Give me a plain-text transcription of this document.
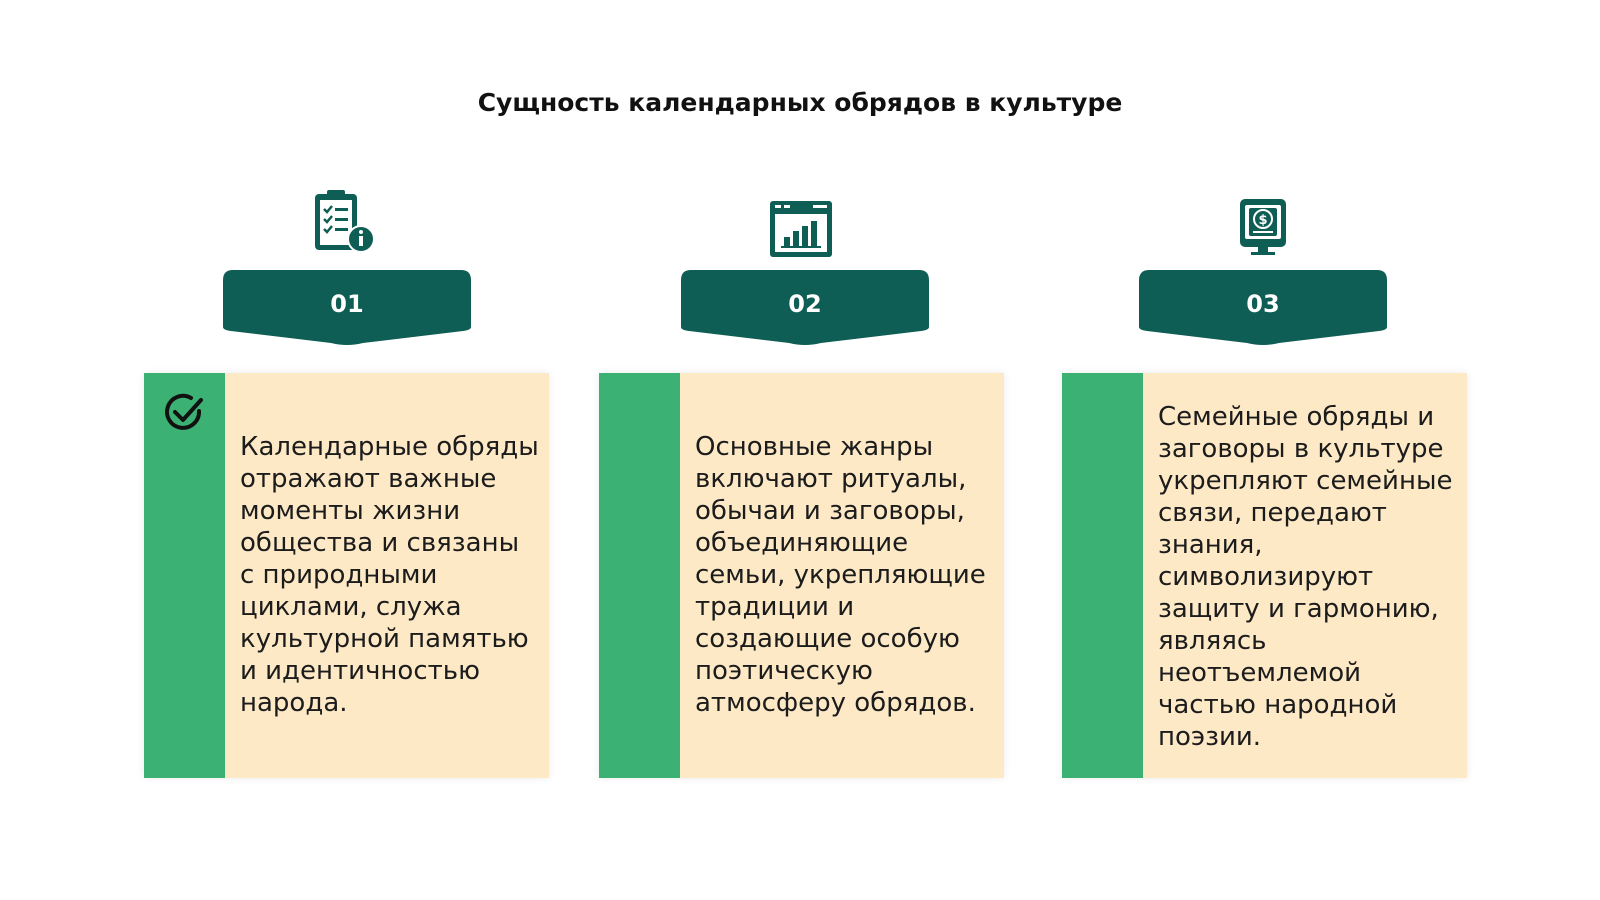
Сущность календарных обрядов в культуре
01
Календарные обряды отражают важные моменты жизни общества и связаны с природными циклами, служа культурной памятью и идентичностью народа.
02
Основные жанры включают ритуалы, обычаи и заговоры, объединяющие семьи, укрепляющие традиции и создающие особую поэтическую атмосферу обрядов.
$
03
Семейные обряды и заговоры в культуре укрепляют семейные связи, передают знания, символизируют защиту и гармонию, являясь неотъемлемой частью народной поэзии.
